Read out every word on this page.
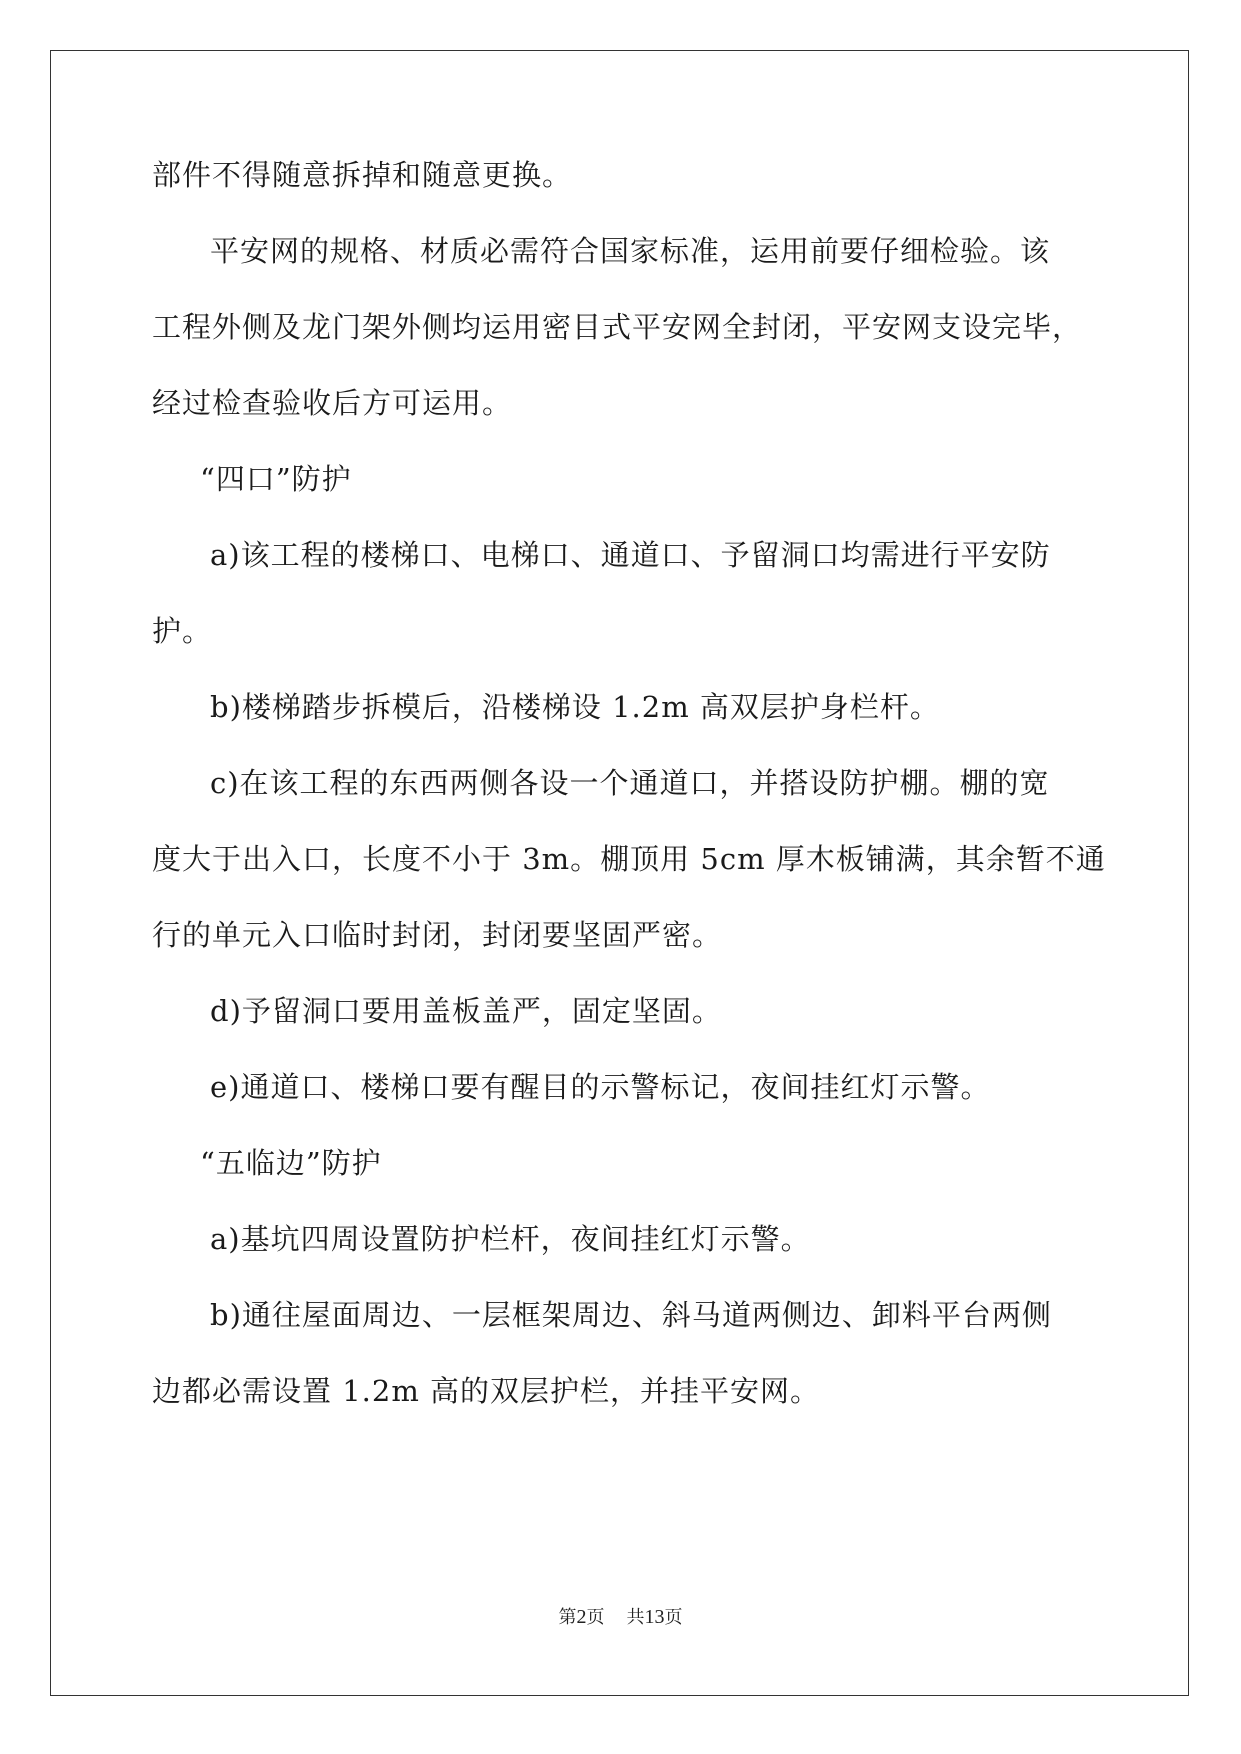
部件不得随意拆掉和随意更换。
平安网的规格、材质必需符合国家标准，运用前要仔细检验。该
工程外侧及龙门架外侧均运用密目式平安网全封闭，平安网支设完毕，
经过检查验收后方可运用。
“四口”防护
a)该工程的楼梯口、电梯口、通道口、予留洞口均需进行平安防
护。
b)楼梯踏步拆模后，沿楼梯设 1.2m 高双层护身栏杆。
c)在该工程的东西两侧各设一个通道口，并搭设防护棚。棚的宽
度大于出入口，长度不小于 3m。棚顶用 5cm 厚木板铺满，其余暂不通
行的单元入口临时封闭，封闭要坚固严密。
d)予留洞口要用盖板盖严，固定坚固。
e)通道口、楼梯口要有醒目的示警标记，夜间挂红灯示警。
“五临边”防护
a)基坑四周设置防护栏杆，夜间挂红灯示警。
b)通往屋面周边、一层框架周边、斜马道两侧边、卸料平台两侧
边都必需设置 1.2m 高的双层护栏，并挂平安网。
第2页 共13页
